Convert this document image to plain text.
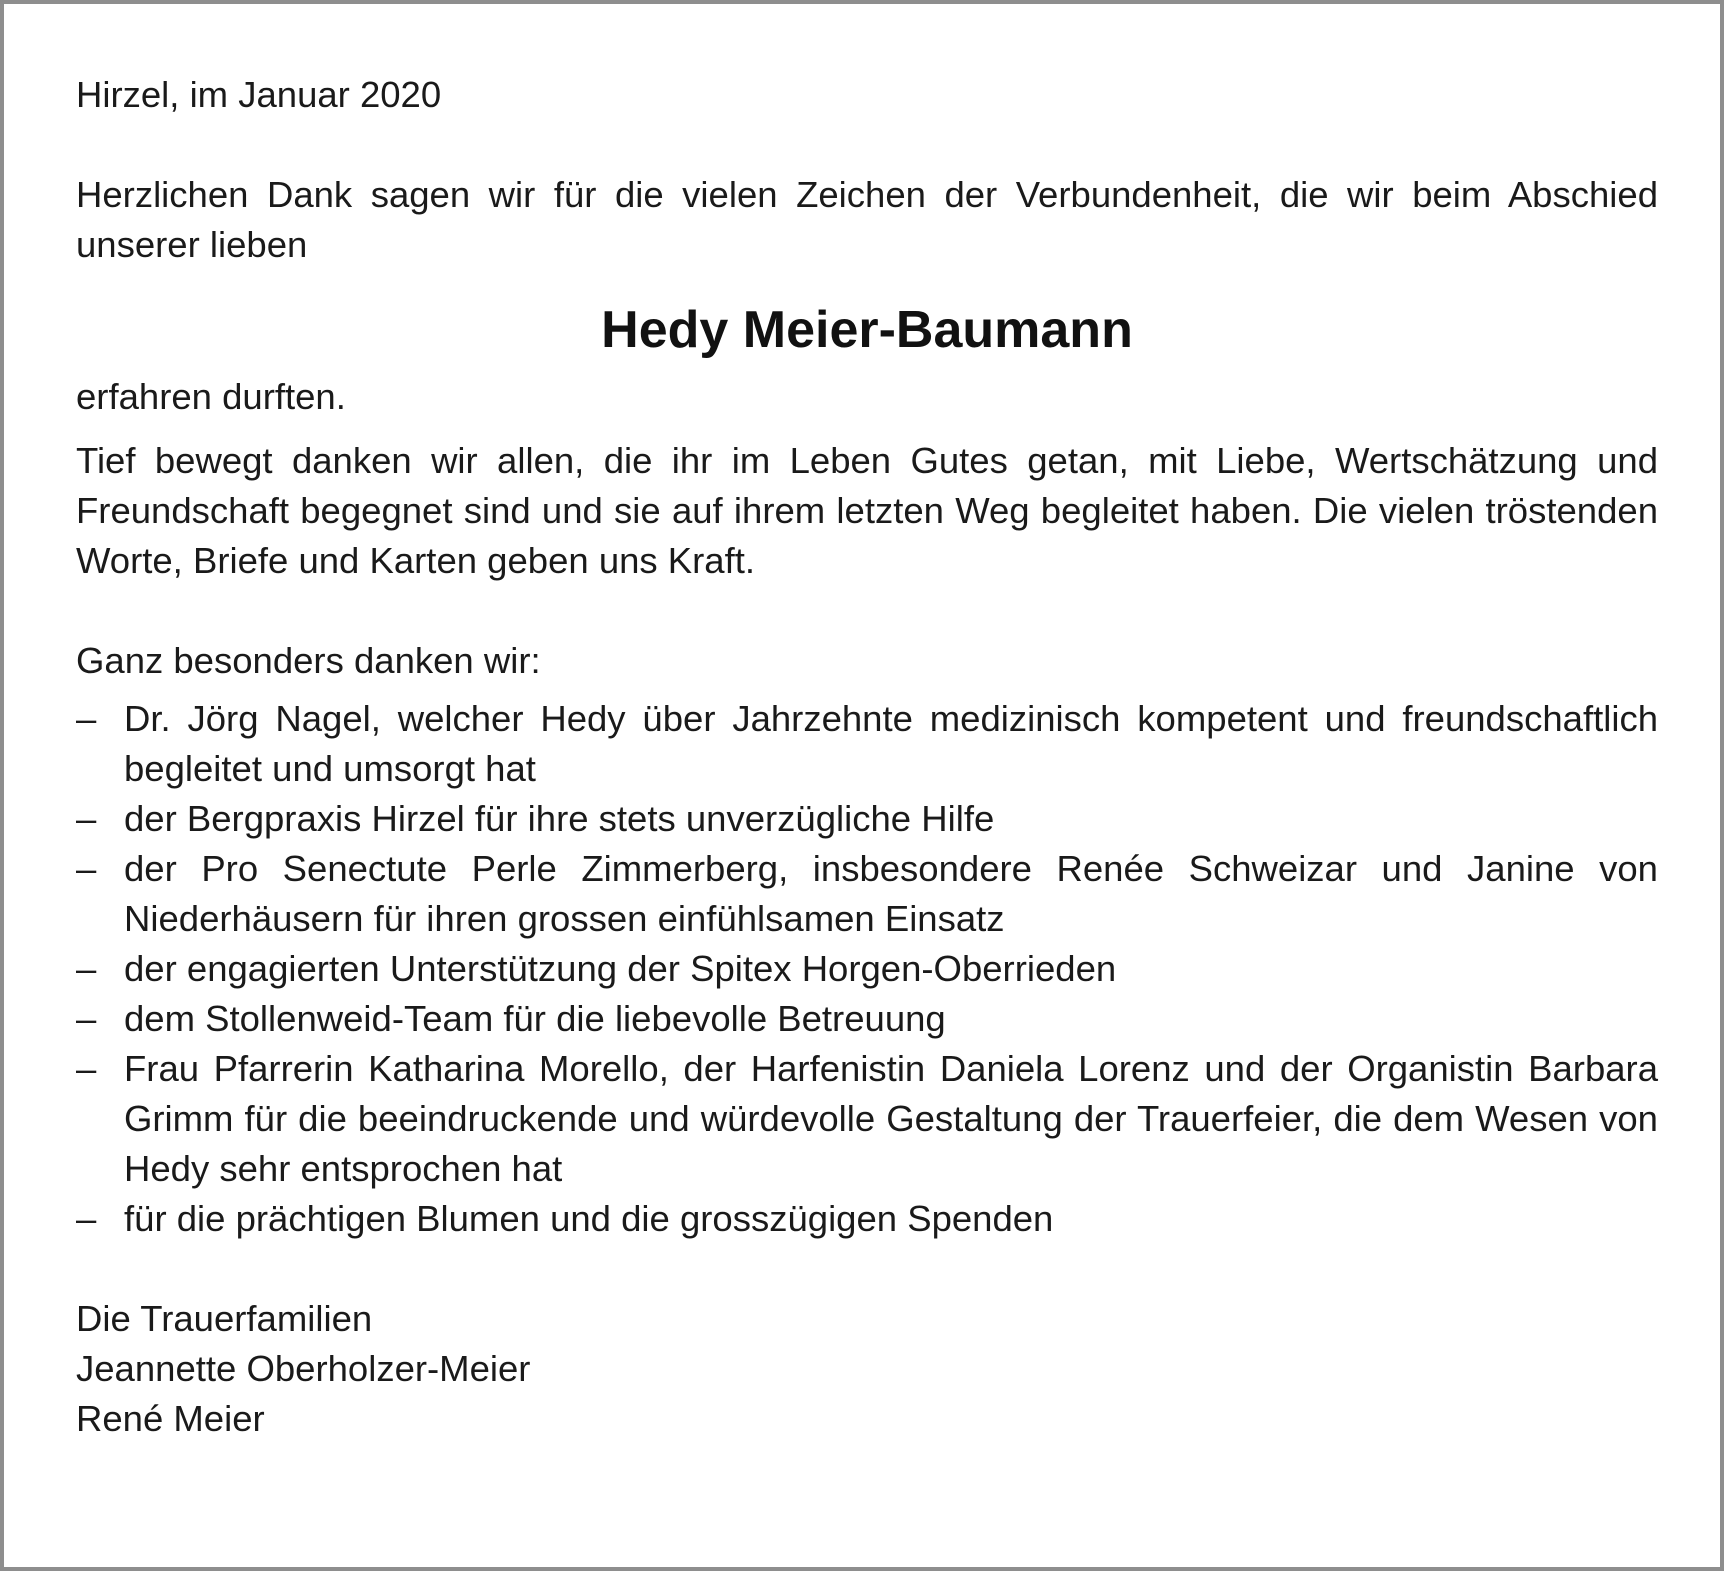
Hirzel, im Januar 2020

Herzlichen Dank sagen wir für die vielen Zeichen der Verbundenheit, die wir beim Abschied unserer lieben

Hedy Meier-Baumann

erfahren durften.

Tief bewegt danken wir allen, die ihr im Leben Gutes getan, mit Liebe, Wertschätzung und Freundschaft begegnet sind und sie auf ihrem letzten Weg begleitet haben. Die vielen tröstenden Worte, Briefe und Karten geben uns Kraft.

Ganz besonders danken wir:

– Dr. Jörg Nagel, welcher Hedy über Jahrzehnte medizinisch kompetent und freundschaftlich begleitet und umsorgt hat
– der Bergpraxis Hirzel für ihre stets unverzügliche Hilfe
– der Pro Senectute Perle Zimmerberg, insbesondere Renée Schweizar und Janine von Niederhäusern für ihren grossen einfühlsamen Einsatz
– der engagierten Unterstützung der Spitex Horgen-Oberrieden
– dem Stollenweid-Team für die liebevolle Betreuung
– Frau Pfarrerin Katharina Morello, der Harfenistin Daniela Lorenz und der Organistin Barbara Grimm für die beeindruckende und würdevolle Gestaltung der Trauerfeier, die dem Wesen von Hedy sehr entsprochen hat
– für die prächtigen Blumen und die grosszügigen Spenden

Die Trauerfamilien

Jeannette Oberholzer-Meier

René Meier
